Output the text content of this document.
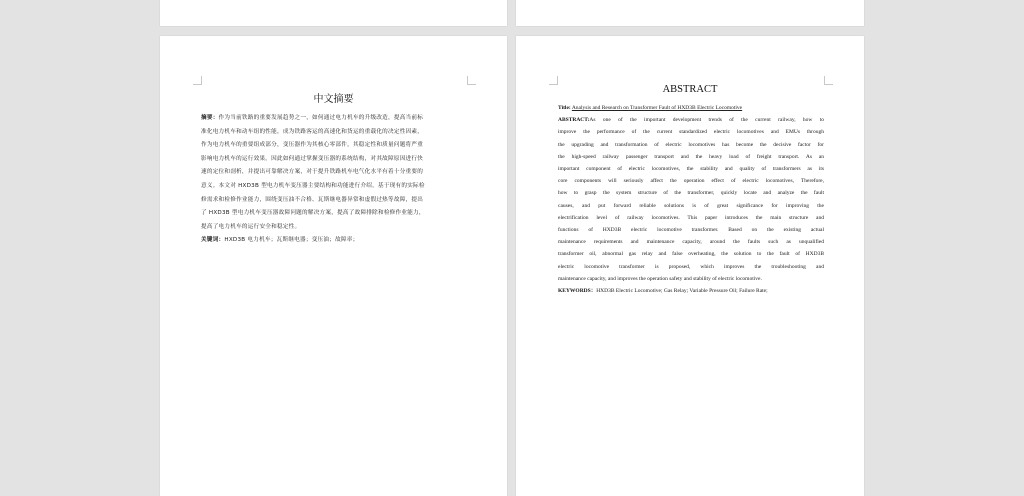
中文摘要
摘要：作为当前铁路的重要发展趋势之一，如何通过电力机车的升级改造，提高当前标
准化电力机车和动车组的性能，成为铁路客运的高速化和货运的重载化的决定性因素，
作为电力机车的重要组成部分，变压器作为其核心零部件，其稳定性和质量问题将严重
影响电力机车的运行效果。因此如何通过掌握变压器的系统结构，对其故障原因进行快
速的定位和剖析，并提出可靠解决方案，对于提升铁路机车电气化水平有着十分重要的
意义。本文对 HXD3B 型电力机车变压器主要结构和功能进行介绍，基于现有的实际检
修需求和检修作业能力，围绕变压油不合格、瓦斯继电器异常和虚假过热等故障，提出
了 HXD3B 型电力机车变压器故障问题的解决方案，提高了故障排除和检修作业能力，
提高了电力机车的运行安全和稳定性。
关键词：HXD3B 电力机车；瓦斯继电器；变压油；故障率；
ABSTRACT
Title: Analysis and Research on Transformer Fault of HXD3B Electric Locomotive
ABSTRACT:As one of the important development trends of the current railway, how to
improve the performance of the current standardized electric locomotives and EMUs through
the upgrading and transformation of electric locomotives has become the decisive factor for
the high-speed railway passenger transport and the heavy load of freight transport. As an
important component of electric locomotives, the stability and quality of transformers as its
core components will seriously affect the operation effect of electric locomotives, Therefore,
how to grasp the system structure of the transformer, quickly locate and analyze the fault
causes, and put forward reliable solutions is of great significance for improving the
electrification level of railway locomotives. This paper introduces the main structure and
functions of HXD3B electric locomotive transformer. Based on the existing actual
maintenance requirements and maintenance capacity, around the faults such as unqualified
transformer oil, abnormal gas relay and false overheating, the solution to the fault of HXD3B
electric locomotive transformer is proposed, which improves the troubleshooting and
maintenance capacity, and improves the operation safety and stability of electric locomotive.
KEYWORDS：HXD3B Electric Locomotive; Gas Relay; Variable Pressure Oil; Failure Rate;
